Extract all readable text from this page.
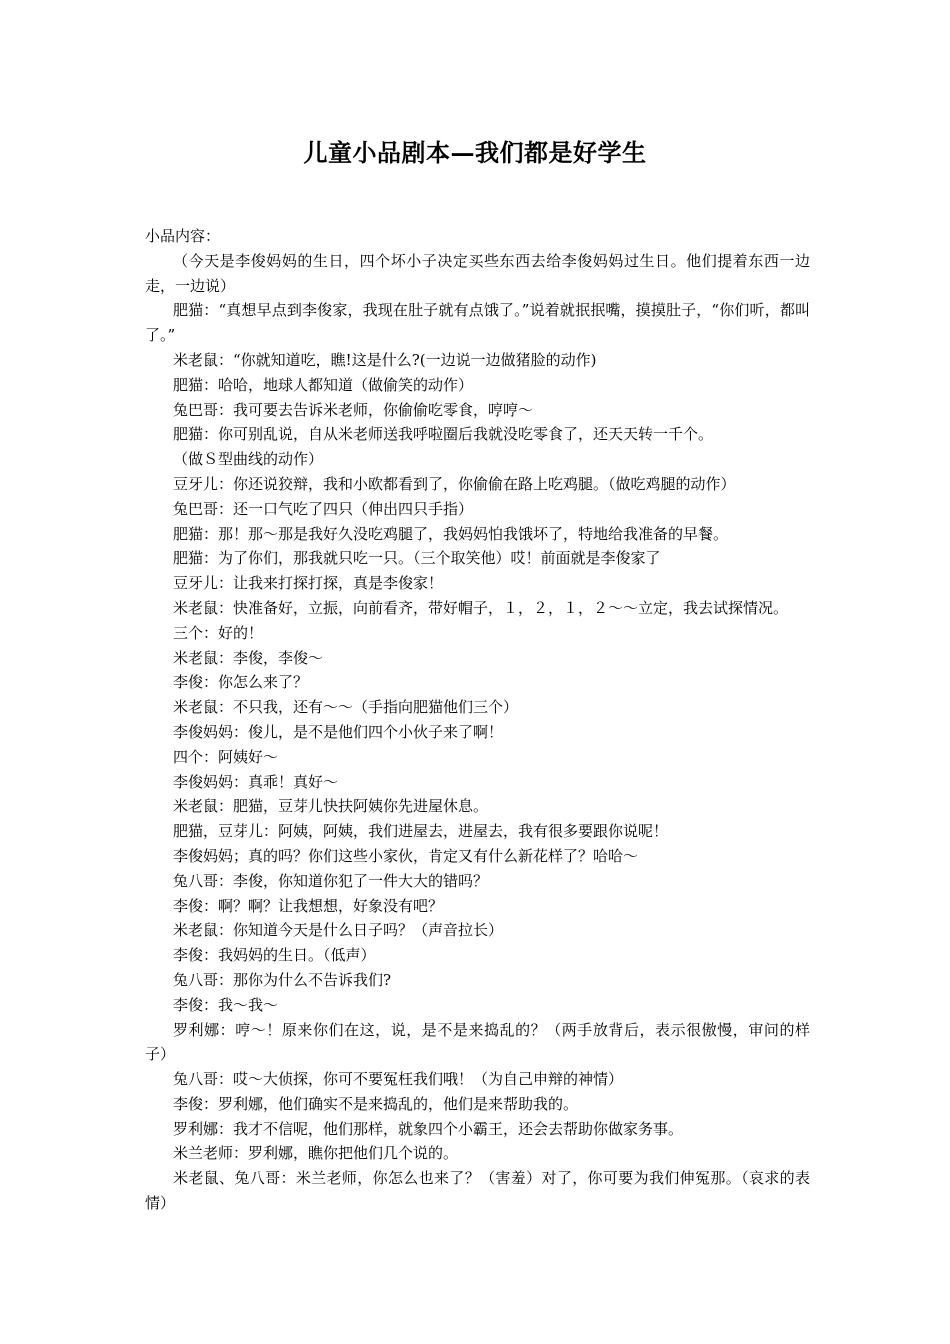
儿童小品剧本—我们都是好学生

小品内容：

（今天是李俊妈妈的生日，四个坏小子决定买些东西去给李俊妈妈过生日。他们提着东西一边走，一边说）

肥猫：“真想早点到李俊家，我现在肚子就有点饿了。”说着就抿抿嘴，摸摸肚子，“你们听，都叫了。”

米老鼠：“你就知道吃，瞧!这是什么?(一边说一边做猪脸的动作)

肥猫：哈哈，地球人都知道（做偷笑的动作）

兔巴哥：我可要去告诉米老师，你偷偷吃零食，哼哼～

肥猫：你可别乱说，自从米老师送我呼啦圈后我就没吃零食了，还天天转一千个。

（做Ｓ型曲线的动作）

豆牙儿：你还说狡辩，我和小欧都看到了，你偷偷在路上吃鸡腿。（做吃鸡腿的动作）

兔巴哥：还一口气吃了四只（伸出四只手指）

肥猫：那！那～那是我好久没吃鸡腿了，我妈妈怕我饿坏了，特地给我准备的早餐。

肥猫：为了你们，那我就只吃一只。（三个取笑他）哎！前面就是李俊家了

豆牙儿：让我来打探打探，真是李俊家！

米老鼠：快准备好，立振，向前看齐，带好帽子，１，２，１，２～～立定，我去试探情况。

三个：好的！

米老鼠：李俊，李俊～

李俊：你怎么来了？

米老鼠：不只我，还有～～（手指向肥猫他们三个）

李俊妈妈：俊儿，是不是他们四个小伙子来了啊！

四个：阿姨好～

李俊妈妈：真乖！真好～

米老鼠：肥猫，豆芽儿快扶阿姨你先进屋休息。

肥猫，豆芽儿：阿姨，阿姨，我们进屋去，进屋去，我有很多要跟你说呢！

李俊妈妈；真的吗？你们这些小家伙，肯定又有什么新花样了？哈哈～

兔八哥：李俊，你知道你犯了一件大大的错吗？

李俊：啊？啊？让我想想，好象没有吧？

米老鼠：你知道今天是什么日子吗？（声音拉长）

李俊：我妈妈的生日。（低声）

兔八哥：那你为什么不告诉我们?

李俊：我～我～

罗利娜：哼～！原来你们在这，说，是不是来捣乱的？（两手放背后，表示很傲慢，审问的样子）

兔八哥：哎～大侦探，你可不要冤枉我们哦！（为自己申辩的神情）

李俊：罗利娜，他们确实不是来捣乱的，他们是来帮助我的。

罗利娜：我才不信呢，他们那样，就象四个小霸王，还会去帮助你做家务事。

米兰老师：罗利娜，瞧你把他们几个说的。

米老鼠、兔八哥：米兰老师，你怎么也来了？（害羞）对了，你可要为我们伸冤那。（哀求的表情）
